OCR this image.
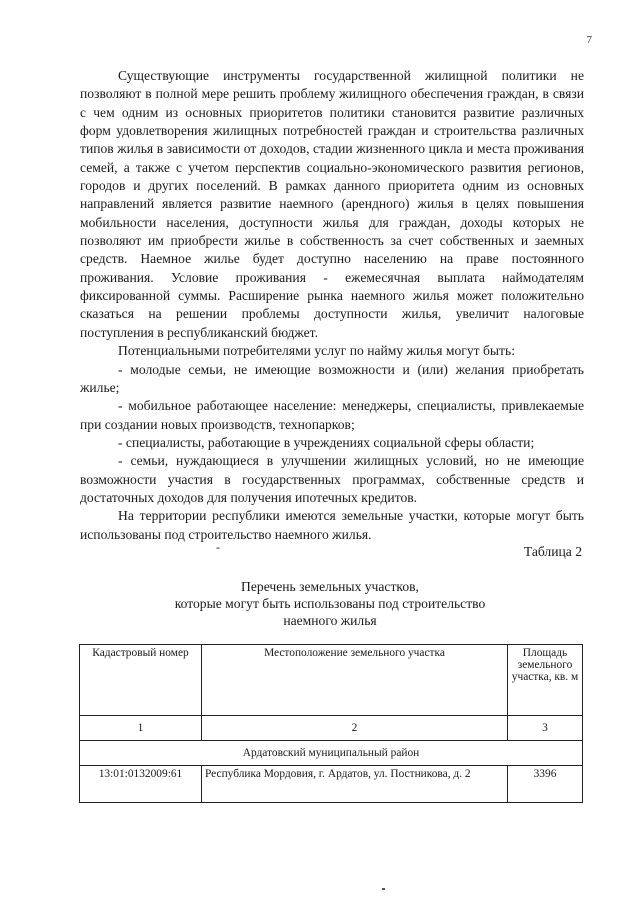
7

Существующие инструменты государственной жилищной политики не позволяют в полной мере решить проблему жилищного обеспечения граждан, в связи с чем одним из основных приоритетов политики становится развитие различных форм удовлетворения жилищных потребностей граждан и строительства различных типов жилья в зависимости от доходов, стадии жизненного цикла и места проживания семей, а также с учетом перспектив социально-экономического развития регионов, городов и других поселений. В рамках данного приоритета одним из основных направлений является развитие наемного (арендного) жилья в целях повышения мобильности населения, доступности жилья для граждан, доходы которых не позволяют им приобрести жилье в собственность за счет собственных и заемных средств. Наемное жилье будет доступно населению на праве постоянного проживания. Условие проживания - ежемесячная выплата наймодателям фиксированной суммы. Расширение рынка наемного жилья может положительно сказаться на решении проблемы доступности жилья, увеличит налоговые поступления в республиканский бюджет.

Потенциальными потребителями услуг по найму жилья могут быть:

- молодые семьи, не имеющие возможности и (или) желания приобретать жилье;

- мобильное работающее население: менеджеры, специалисты, привлекаемые при создании новых производств, технопарков;

- специалисты, работающие в учреждениях социальной сферы области;

- семьи, нуждающиеся в улучшении жилищных условий, но не имеющие возможности участия в государственных программах, собственные средств и достаточных доходов для получения ипотечных кредитов.

На территории республики имеются земельные участки, которые могут быть использованы под строительство наемного жилья.

-	Таблица 2
Перечень земельных участков,
которые могут быть использованы под строительство
наемного жилья
Кадастровый номер	Местоположение земельного участка	Площадь земельного участка, кв. м
1	2	3
Ардатовский муниципальный район		
13:01:0132009:61	Республика Мордовия, г. Ардатов, ул. Постникова, д. 2	3396
